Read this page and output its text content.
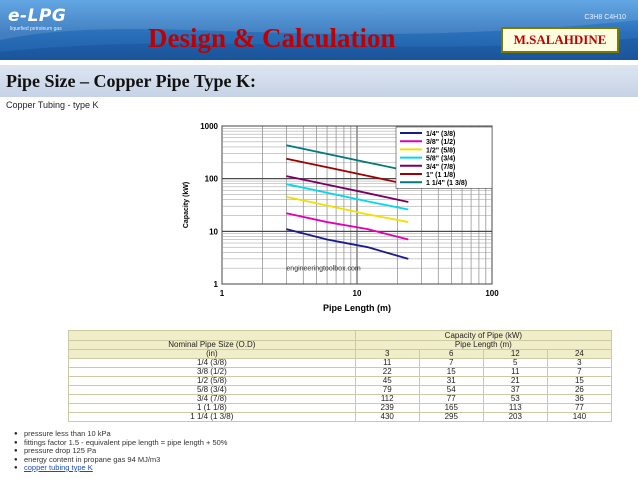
e-LPG
liquefied petroleum gas
C3H8 C4H10
Design & Calculation	M.SALAHDINE
Pipe Size – Copper Pipe Type K:
Copper Tubing - type K
1	10	100
1
10
100
1000
Pipe Length (m)
Capacity (kW)
engineeringtoolbox.com
1/4" (3/8)
3/8" (1/2)
1/2" (5/8)
5/8" (3/4)
3/4" (7/8)
1" (1 1/8)
1 1/4" (1 3/8)
	Capacity of Pipe (kW)			
Nominal Pipe Size (O.D)	Pipe Length (m)			
(in)	3	6	12	24
1/4 (3/8)	11	7	5	3
3/8 (1/2)	22	15	11	7
1/2 (5/8)	45	31	21	15
5/8 (3/4)	79	54	37	26
3/4 (7/8)	112	77	53	36
1 (1 1/8)	239	165	113	77
1 1/4 (1 3/8)	430	295	203	140
● pressure less than 10 kPa
● fittings factor 1.5 - equivalent pipe length = pipe length + 50%
● pressure drop 125 Pa
● energy content in propane gas 94 MJ/m3
● copper tubing type K
